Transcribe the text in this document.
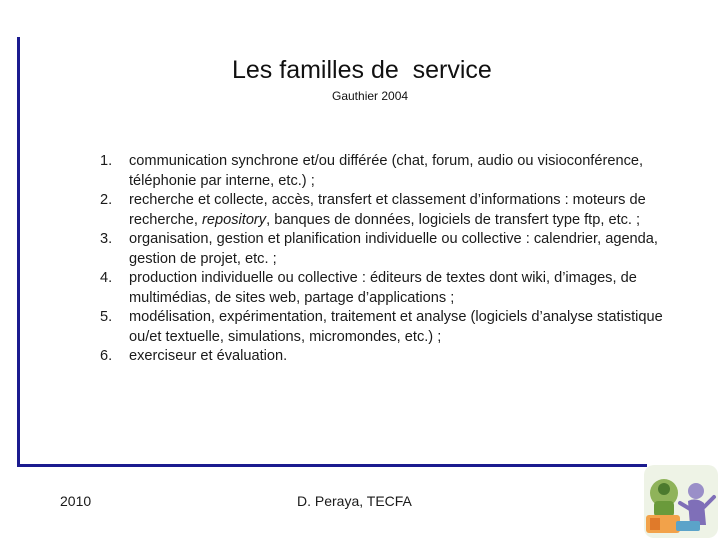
Les familles de  service
Gauthier 2004
1. communication synchrone et/ou différée (chat, forum, audio ou visioconférence, téléphonie par interne, etc.) ;
2. recherche et collecte, accès, transfert et classement d’informations : moteurs de recherche, repository, banques de données, logiciels de transfert type ftp, etc. ;
3. organisation, gestion et planification individuelle ou collective : calendrier, agenda, gestion de projet, etc. ;
4. production individuelle ou collective : éditeurs de textes dont wiki, d’images, de multimédias, de sites web, partage d’applications ;
5. modélisation, expérimentation, traitement et analyse (logiciels d’analyse statistique ou/et textuelle, simulations, micromondes, etc.) ;
6. exerciseur et évaluation.
2010	D. Peraya, TECFA
